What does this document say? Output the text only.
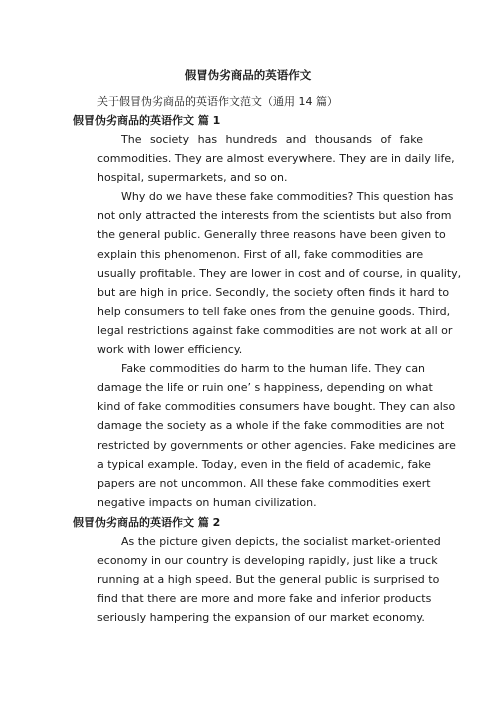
假冒伪劣商品的英语作文
关于假冒伪劣商品的英语作文范文（通用 14 篇）
假冒伪劣商品的英语作文 篇 1
The society has hundreds and thousands of fake
commodities. They are almost everywhere. They are in daily life,
hospital, supermarkets, and so on.
Why do we have these fake commodities? This question has
not only attracted the interests from the scientists but also from
the general public. Generally three reasons have been given to
explain this phenomenon. First of all, fake commodities are
usually profitable. They are lower in cost and of course, in quality,
but are high in price. Secondly, the society often finds it hard to
help consumers to tell fake ones from the genuine goods. Third,
legal restrictions against fake commodities are not work at all or
work with lower efficiency.
Fake commodities do harm to the human life. They can
damage the life or ruin one’ s happiness, depending on what
kind of fake commodities consumers have bought. They can also
damage the society as a whole if the fake commodities are not
restricted by governments or other agencies. Fake medicines are
a typical example. Today, even in the field of academic, fake
papers are not uncommon. All these fake commodities exert
negative impacts on human civilization.
假冒伪劣商品的英语作文 篇 2
As the picture given depicts, the socialist market-oriented
economy in our country is developing rapidly, just like a truck
running at a high speed. But the general public is surprised to
find that there are more and more fake and inferior products
seriously hampering the expansion of our market economy.
